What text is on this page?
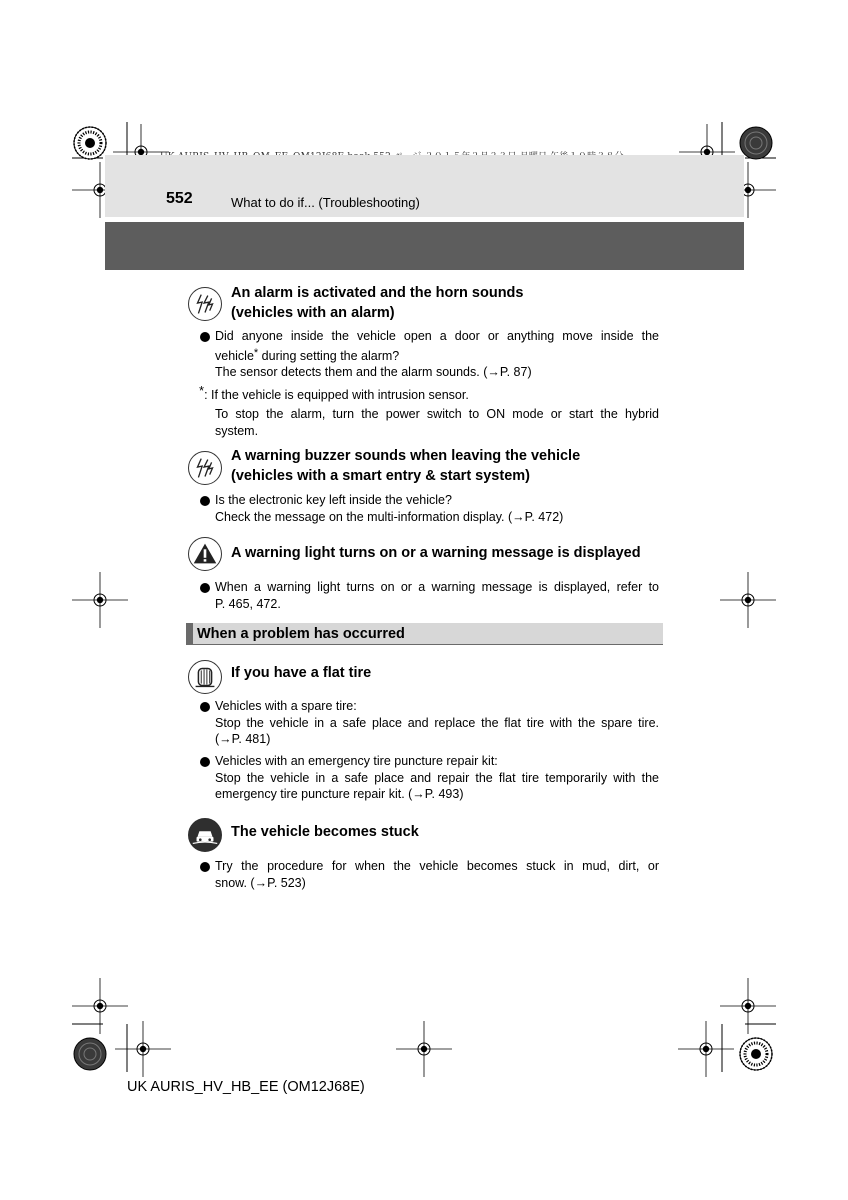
552	What to do if... (Troubleshooting)
An alarm is activated and the horn sounds
(vehicles with an alarm)
Did anyone inside the vehicle open a door or anything move inside the
vehicle* during setting the alarm?
The sensor detects them and the alarm sounds. (→P. 87)
*: If the vehicle is equipped with intrusion sensor.
To stop the alarm, turn the power switch to ON mode or start the hybrid
system.
A warning buzzer sounds when leaving the vehicle
(vehicles with a smart entry & start system)
Is the electronic key left inside the vehicle?
Check the message on the multi-information display. (→P. 472)
A warning light turns on or a warning message is displayed
When a warning light turns on or a warning message is displayed, refer to
P. 465, 472.
When a problem has occurred
If you have a flat tire
Vehicles with a spare tire:
Stop the vehicle in a safe place and replace the flat tire with the spare tire.
(→P. 481)
Vehicles with an emergency tire puncture repair kit:
Stop the vehicle in a safe place and repair the flat tire temporarily with the
emergency tire puncture repair kit. (→P. 493)
The vehicle becomes stuck
Try the procedure for when the vehicle becomes stuck in mud, dirt, or
snow. (→P. 523)
UK AURIS_HV_HB_EE (OM12J68E)
